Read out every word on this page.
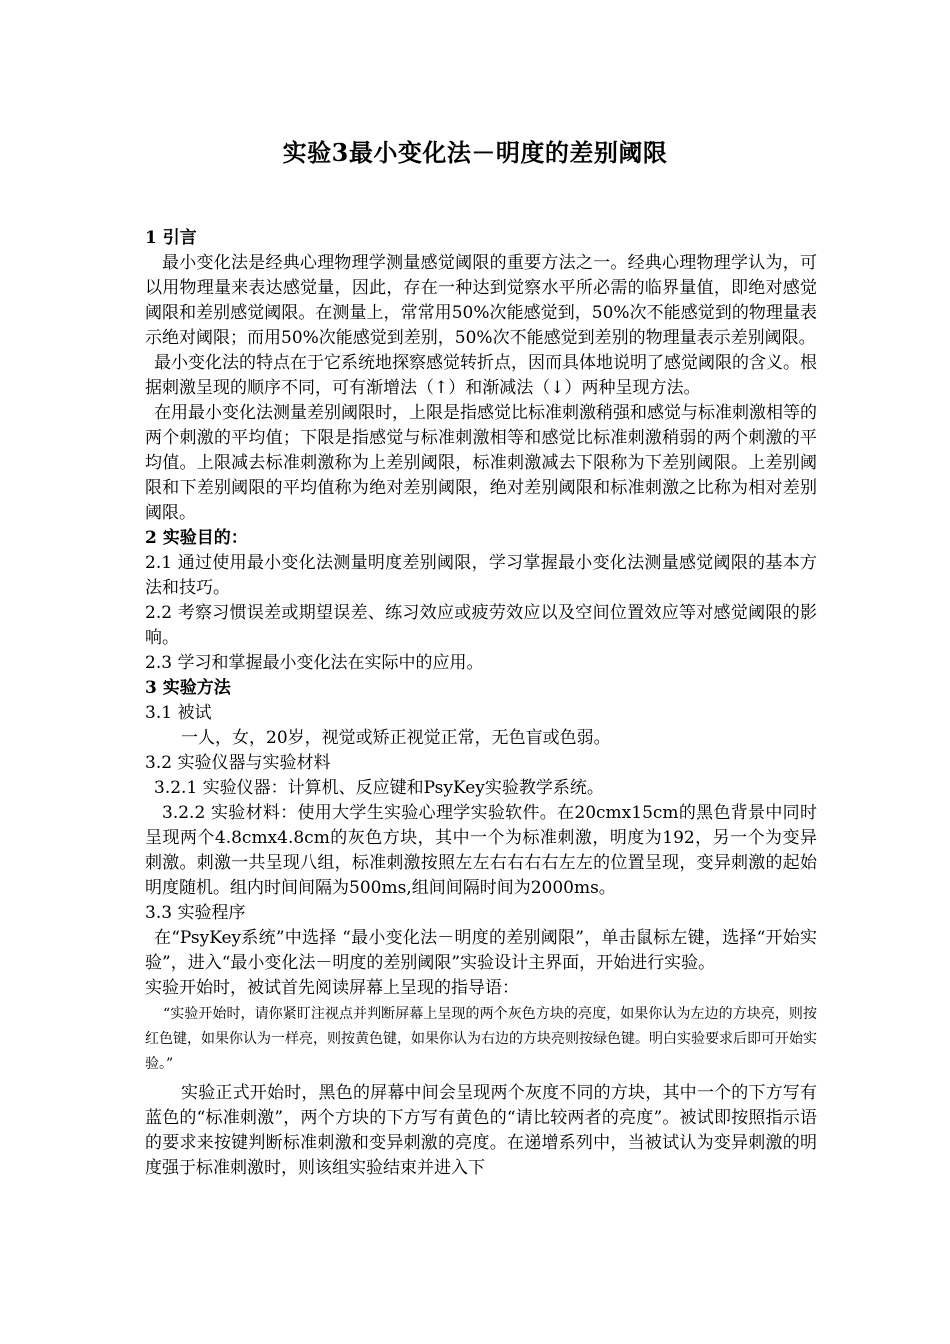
实验3最小变化法－明度的差别阈限

1 引言

最小变化法是经典心理物理学测量感觉阈限的重要方法之一。经典心理物理学认为，可以用物理量来表达感觉量，因此，存在一种达到觉察水平所必需的临界量值，即绝对感觉阈限和差别感觉阈限。在测量上，常常用50%次能感觉到，50%次不能感觉到的物理量表示绝对阈限；而用50%次能感觉到差别，50%次不能感觉到差别的物理量表示差别阈限。

最小变化法的特点在于它系统地探察感觉转折点，因而具体地说明了感觉阈限的含义。根据刺激呈现的顺序不同，可有渐增法（↑）和渐减法（↓）两种呈现方法。

在用最小变化法测量差别阈限时，上限是指感觉比标准刺激稍强和感觉与标准刺激相等的两个刺激的平均值；下限是指感觉与标准刺激相等和感觉比标准刺激稍弱的两个刺激的平均值。上限减去标准刺激称为上差别阈限，标准刺激减去下限称为下差别阈限。上差别阈限和下差别阈限的平均值称为绝对差别阈限，绝对差别阈限和标准刺激之比称为相对差别阈限。

2 实验目的：

2.1 通过使用最小变化法测量明度差别阈限，学习掌握最小变化法测量感觉阈限的基本方法和技巧。

2.2 考察习惯误差或期望误差、练习效应或疲劳效应以及空间位置效应等对感觉阈限的影响。

2.3 学习和掌握最小变化法在实际中的应用。

3 实验方法

3.1 被试

一人，女，20岁，视觉或矫正视觉正常，无色盲或色弱。

3.2 实验仪器与实验材料

3.2.1 实验仪器：计算机、反应键和PsyKey实验教学系统。

3.2.2 实验材料：使用大学生实验心理学实验软件。在20cmx15cm的黑色背景中同时呈现两个4.8cmx4.8cm的灰色方块，其中一个为标准刺激，明度为192，另一个为变异刺激。刺激一共呈现八组，标准刺激按照左左右右右右左左的位置呈现，变异刺激的起始明度随机。组内时间间隔为500ms,组间间隔时间为2000ms。

3.3 实验程序

在“PsyKey系统”中选择 “最小变化法－明度的差别阈限”，单击鼠标左键，选择“开始实验”，进入“最小变化法－明度的差别阈限”实验设计主界面，开始进行实验。

实验开始时，被试首先阅读屏幕上呈现的指导语：

“实验开始时，请你紧盯注视点并判断屏幕上呈现的两个灰色方块的亮度，如果你认为左边的方块亮，则按红色键，如果你认为一样亮，则按黄色键，如果你认为右边的方块亮则按绿色键。明白实验要求后即可开始实验。”

实验正式开始时，黑色的屏幕中间会呈现两个灰度不同的方块，其中一个的下方写有蓝色的“标准刺激”，两个方块的下方写有黄色的“请比较两者的亮度”。被试即按照指示语的要求来按键判断标准刺激和变异刺激的亮度。在递增系列中，当被试认为变异刺激的明度强于标准刺激时，则该组实验结束并进入下
